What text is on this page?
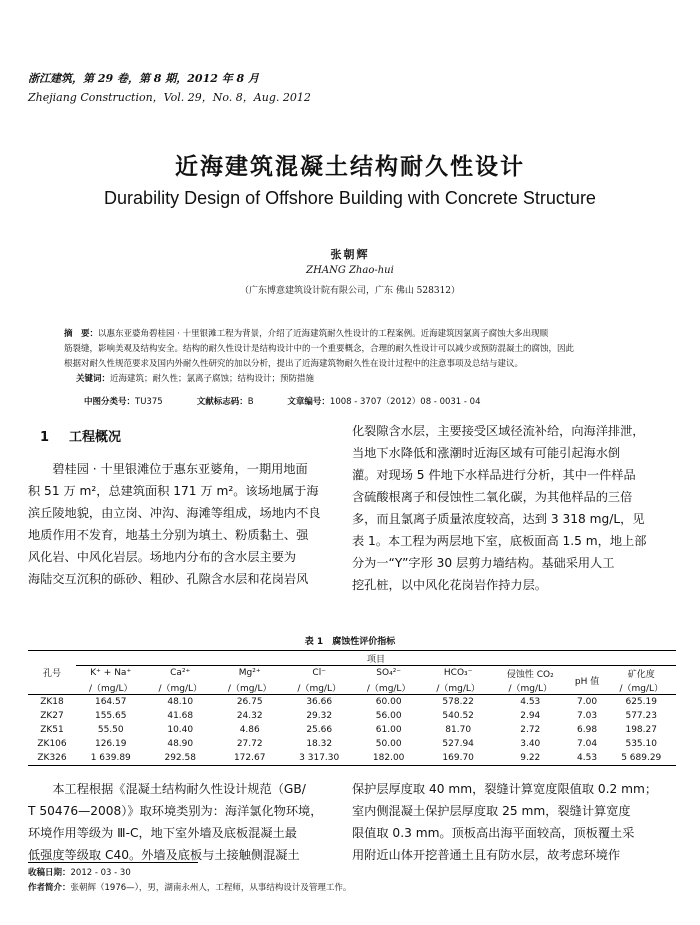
浙江建筑，第 29 卷，第 8 期，2012 年 8 月
Zhejiang Construction，Vol. 29，No. 8，Aug. 2012
近海建筑混凝土结构耐久性设计
Durability Design of Offshore Building with Concrete Structure
张朝辉
ZHANG Zhao-hui
（广东博意建筑设计院有限公司，广东 佛山 528312）
摘　要：以惠东亚婆角碧桂园 · 十里银滩工程为背景，介绍了近海建筑耐久性设计的工程案例。近海建筑因氯离子腐蚀大多出现顺
筋裂缝，影响美观及结构安全。结构的耐久性设计是结构设计中的一个重要概念，合理的耐久性设计可以减少或预防混凝土的腐蚀，因此
根据对耐久性规范要求及国内外耐久性研究的加以分析，提出了近海建筑物耐久性在设计过程中的注意事项及总结与建议。
关键词：近海建筑；耐久性；氯离子腐蚀；结构设计；预防措施
中图分类号：TU375	文献标志码：B	文章编号：1008 - 3707（2012）08 - 0031 - 04
1 工程概况
　　碧桂园 · 十里银滩位于惠东亚婆角，一期用地面
积 51 万 m²，总建筑面积 171 万 m²。该场地属于海
滨丘陵地貌，由立岗、冲沟、海滩等组成，场地内不良
地质作用不发育，地基土分别为填土、粉质黏土、强
风化岩、中风化岩层。场地内分布的含水层主要为
海陆交互沉积的砾砂、粗砂、孔隙含水层和花岗岩风
化裂隙含水层，主要接受区域径流补给，向海洋排泄，
当地下水降低和涨潮时近海区域有可能引起海水倒
灌。对现场 5 件地下水样品进行分析，其中一件样品
含硫酸根离子和侵蚀性二氧化碳，为其他样品的三倍
多，而且氯离子质量浓度较高，达到 3 318 mg/L，见
表 1。本工程为两层地下室，底板面高 1.5 m，地上部
分为一“Y”字形 30 层剪力墙结构。基础采用人工
挖孔桩，以中风化花岗岩作持力层。
表 1　腐蚀性评价指标
孔号	项目								
	K⁺ + Na⁺	Ca²⁺	Mg²⁺	Cl⁻	SO₄²⁻	HCO₃⁻	侵蚀性 CO₂	pH 值	矿化度
	/（mg/L）	/（mg/L）	/（mg/L）	/（mg/L）	/（mg/L）	/（mg/L）	/（mg/L）		/（mg/L）
ZK18	164.57	48.10	26.75	36.66	60.00	578.22	4.53	7.00	625.19
ZK27	155.65	41.68	24.32	29.32	56.00	540.52	2.94	7.03	577.23
ZK51	55.50	10.40	4.86	25.66	61.00	81.70	2.72	6.98	198.27
ZK106	126.19	48.90	27.72	18.32	50.00	527.94	3.40	7.04	535.10
ZK326	1 639.89	292.58	172.67	3 317.30	182.00	169.70	9.22	4.53	5 689.29
　　本工程根据《混凝土结构耐久性设计规范（GB/
T 50476—2008）》取环境类别为：海洋氯化物环境，
环境作用等级为 Ⅲ-C，地下室外墙及底板混凝土最
低强度等级取 C40。外墙及底板与土接触侧混凝土
保护层厚度取 40 mm，裂缝计算宽度限值取 0.2 mm；
室内侧混凝土保护层厚度取 25 mm，裂缝计算宽度
限值取 0.3 mm。顶板高出海平面较高，顶板覆土采
用附近山体开挖普通土且有防水层，故考虑环境作
收稿日期：2012 - 03 - 30
作者简介：张朝辉（1976—），男，湖南永州人，工程师，从事结构设计及管理工作。
